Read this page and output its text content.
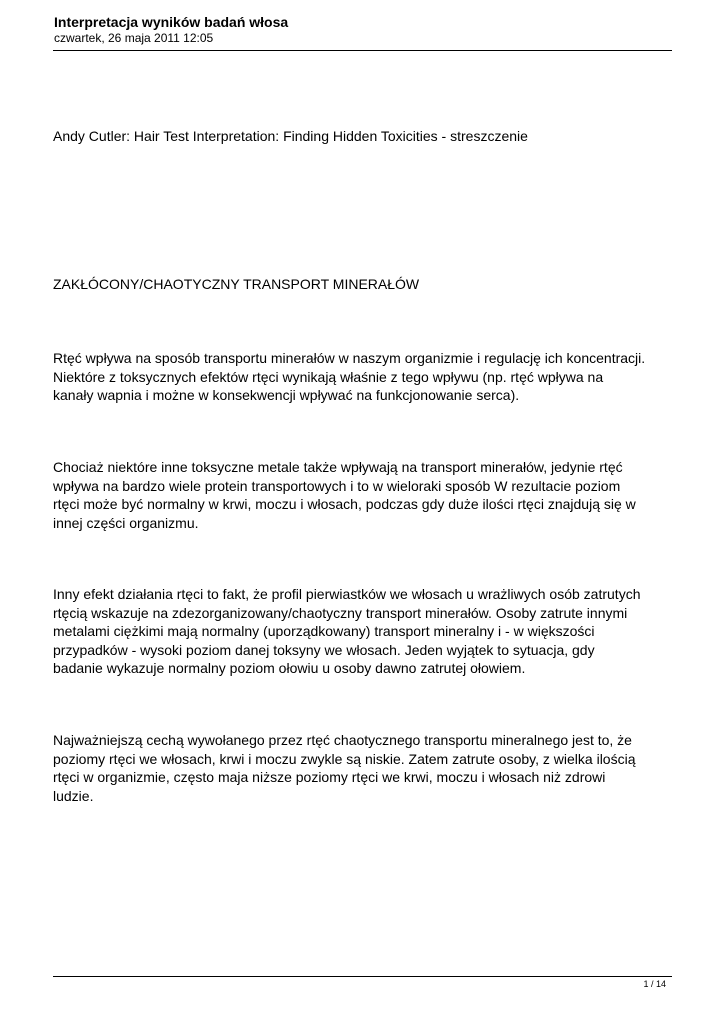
Interpretacja wyników badań włosa

czwartek, 26 maja 2011 12:05

Andy Cutler: Hair Test Interpretation: Finding Hidden Toxicities - streszczenie

ZAKŁÓCONY/CHAOTYCZNY TRANSPORT MINERAŁÓW

Rtęć wpływa na sposób transportu minerałów w naszym organizmie i regulację ich koncentracji.
Niektóre z toksycznych efektów rtęci wynikają właśnie z tego wpływu (np. rtęć wpływa na
kanały wapnia i możne w konsekwencji wpływać na funkcjonowanie serca).

Chociaż niektóre inne toksyczne metale także wpływają na transport minerałów, jedynie rtęć
wpływa na bardzo wiele protein transportowych i to w wieloraki sposób W rezultacie poziom
rtęci może być normalny w krwi, moczu i włosach, podczas gdy duże ilości rtęci znajdują się w
innej części organizmu.

Inny efekt działania rtęci to fakt, że profil pierwiastków we włosach u wrażliwych osób zatrutych
rtęcią wskazuje na zdezorganizowany/chaotyczny transport minerałów. Osoby zatrute innymi
metalami ciężkimi mają normalny (uporządkowany) transport mineralny i - w większości
przypadków - wysoki poziom danej toksyny we włosach. Jeden wyjątek to sytuacja, gdy
badanie wykazuje normalny poziom ołowiu u osoby dawno zatrutej ołowiem.

Najważniejszą cechą wywołanego przez rtęć chaotycznego transportu mineralnego jest to, że
poziomy rtęci we włosach, krwi i moczu zwykle są niskie. Zatem zatrute osoby, z wielka ilością
rtęci w organizmie, często maja niższe poziomy rtęci we krwi, moczu i włosach niż zdrowi
ludzie.

1 / 14
